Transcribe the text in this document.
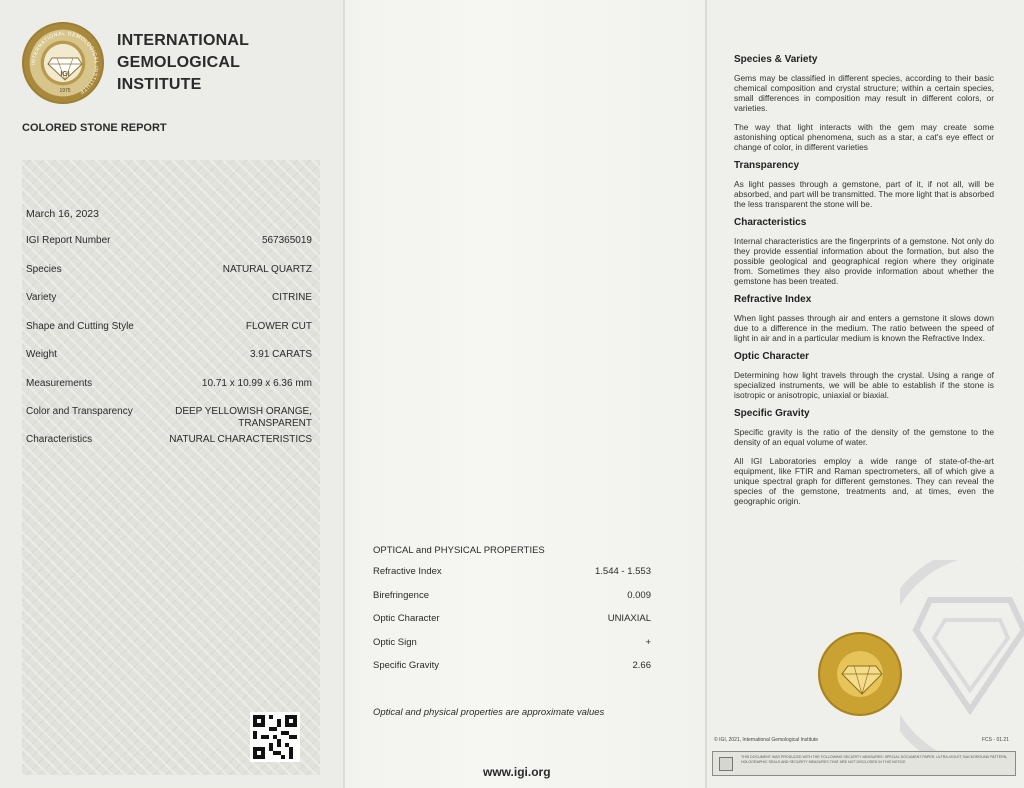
INTERNATIONAL GEMOLOGICAL INSTITUTE
IGI
1975
INTERNATIONAL
GEMOLOGICAL
INSTITUTE
COLORED STONE REPORT
March 16, 2023
IGI Report Number	567365019
Species	NATURAL QUARTZ
Variety	CITRINE
Shape and Cutting Style	FLOWER CUT
Weight	3.91 CARATS
Measurements	10.71 x 10.99 x 6.36 mm
Color and Transparency	DEEP YELLOWISH ORANGE,
TRANSPARENT
Characteristics	NATURAL CHARACTERISTICS
OPTICAL and PHYSICAL PROPERTIES
Refractive Index	1.544 - 1.553
Birefringence	0.009
Optic Character	UNIAXIAL
Optic Sign	+
Specific Gravity	2.66
Optical and physical properties are approximate values
www.igi.org
Species & Variety

Gems may be classified in different species, according to their basic chemical composition and crystal structure; within a certain species, small differences in composition may result in different colors, or varieties.

The way that light interacts with the gem may create some astonishing optical phenomena, such as a star, a cat's eye effect or change of color, in different varieties

Transparency

As light passes through a gemstone, part of it, if not all, will be absorbed, and part will be transmitted. The more light that is absorbed the less transparent the stone will be.

Characteristics

Internal characteristics are the fingerprints of a gemstone. Not only do they provide essential information about the formation, but also the possible geological and geographical region where they originate from. Sometimes they also provide information about whether the gemstone has been treated.

Refractive Index

When light passes through air and enters a gemstone it slows down due to a difference in the medium. The ratio between the speed of light in air and in a particular medium is known the Refractive Index.

Optic Character

Determining how light travels through the crystal. Using a range of specialized instruments, we will be able to establish if the stone is isotropic or anisotropic, uniaxial or biaxial.

Specific Gravity

Specific gravity is the ratio of the density of the gemstone to the density of an equal volume of water.

All IGI Laboratories employ a wide range of state-of-the-art equipment, like FTIR and Raman spectrometers, all of which give a unique spectral graph for different gemstones. They can reveal the species of the gemstone, treatments and, at times, even the geographic origin.

© IGI, 2021, International Gemological Institute	FCS - 01.21
THIS DOCUMENT WAS PRODUCED WITH THE FOLLOWING SECURITY MEASURES: SPECIAL DOCUMENT PAPER, ULTRA-VIOLET, BACKGROUND PATTERN, HOLOGRAPHIC SEALS AND SECURITY MEASURES THAT ARE NOT DISCLOSED IN THIS NOTICE
